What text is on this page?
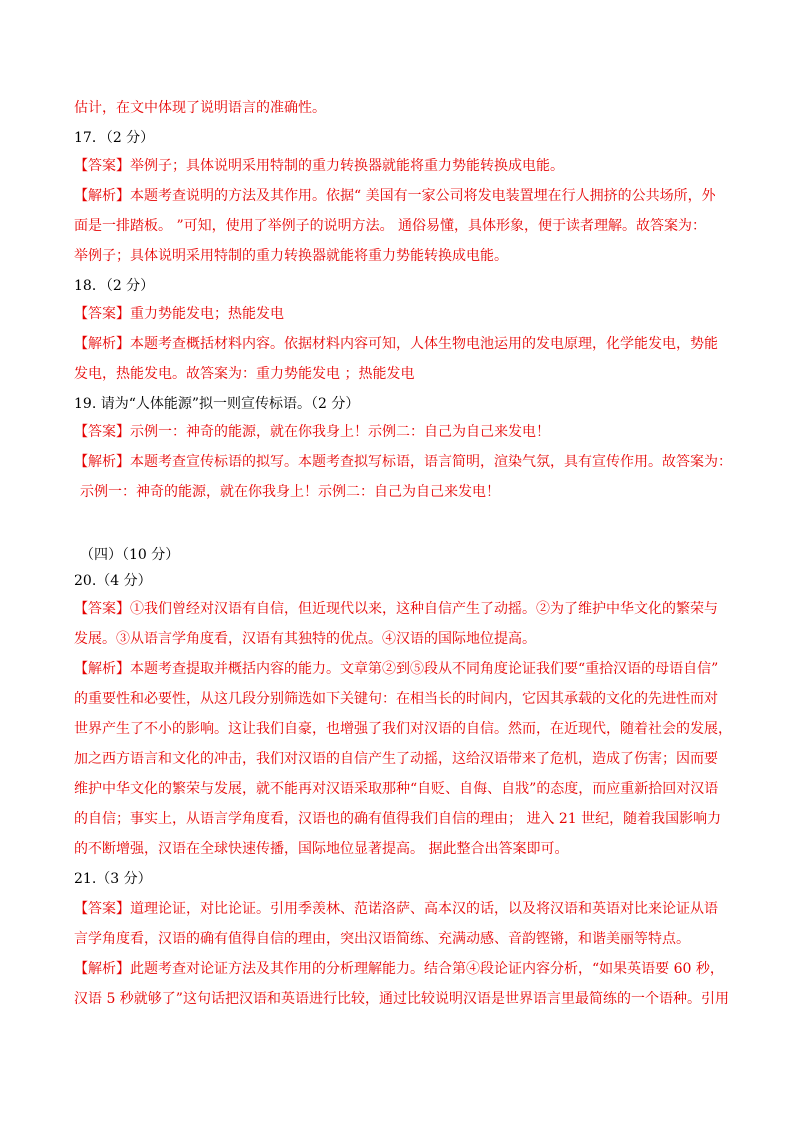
估计，在文中体现了说明语言的准确性。
17．（2 分）
【答案】举例子；具体说明采用特制的重力转换器就能将重力势能转换成电能。
【解析】本题考查说明的方法及其作用。依据“ 美国有一家公司将发电装置埋在行人拥挤的公共场所，外
面是一排踏板。 ”可知，使用了举例子的说明方法。 通俗易懂，具体形象，便于读者理解。故答案为：
举例子；具体说明采用特制的重力转换器就能将重力势能转换成电能。
18．（2 分）
【答案】重力势能发电；热能发电
【解析】本题考查概括材料内容。依据材料内容可知，人体生物电池运用的发电原理，化学能发电，势能
发电，热能发电。故答案为：重力势能发电 ；热能发电
19. 请为“人体能源”拟一则宣传标语。（2 分）
【答案】示例一：神奇的能源，就在你我身上！示例二：自己为自己来发电！
【解析】本题考查宣传标语的拟写。本题考查拟写标语，语言简明，渲染气氛，具有宣传作用。故答案为：
示例一：神奇的能源，就在你我身上！示例二：自己为自己来发电！
（四）（10 分）
20.（4 分）
【答案】①我们曾经对汉语有自信，但近现代以来，这种自信产生了动摇。②为了维护中华文化的繁荣与
发展。③从语言学角度看，汉语有其独特的优点。④汉语的国际地位提高。
【解析】本题考查提取并概括内容的能力。文章第②到⑤段从不同角度论证我们要“重拾汉语的母语自信”
的重要性和必要性，从这几段分别筛选如下关键句：在相当长的时间内，它因其承载的文化的先进性而对
世界产生了不小的影响。这让我们自豪，也增强了我们对汉语的自信。然而，在近现代，随着社会的发展，
加之西方语言和文化的冲击，我们对汉语的自信产生了动摇，这给汉语带来了危机，造成了伤害；因而要
维护中华文化的繁荣与发展，就不能再对汉语采取那种“自贬、自侮、自戕”的态度，而应重新拾回对汉语
的自信；事实上，从语言学角度看，汉语也的确有值得我们自信的理由； 进入 21 世纪，随着我国影响力
的不断增强，汉语在全球快速传播，国际地位显著提高。 据此整合出答案即可。
21.（3 分）
【答案】道理论证，对比论证。引用季羡林、范诺洛萨、高本汉的话，以及将汉语和英语对比来论证从语
言学角度看，汉语的确有值得自信的理由，突出汉语简练、充满动感、音韵铿锵，和谐美丽等特点。
【解析】此题考查对论证方法及其作用的分析理解能力。结合第④段论证内容分析，“如果英语要 60 秒，
汉语 5 秒就够了”这句话把汉语和英语进行比较，通过比较说明汉语是世界语言里最简练的一个语种。引用
